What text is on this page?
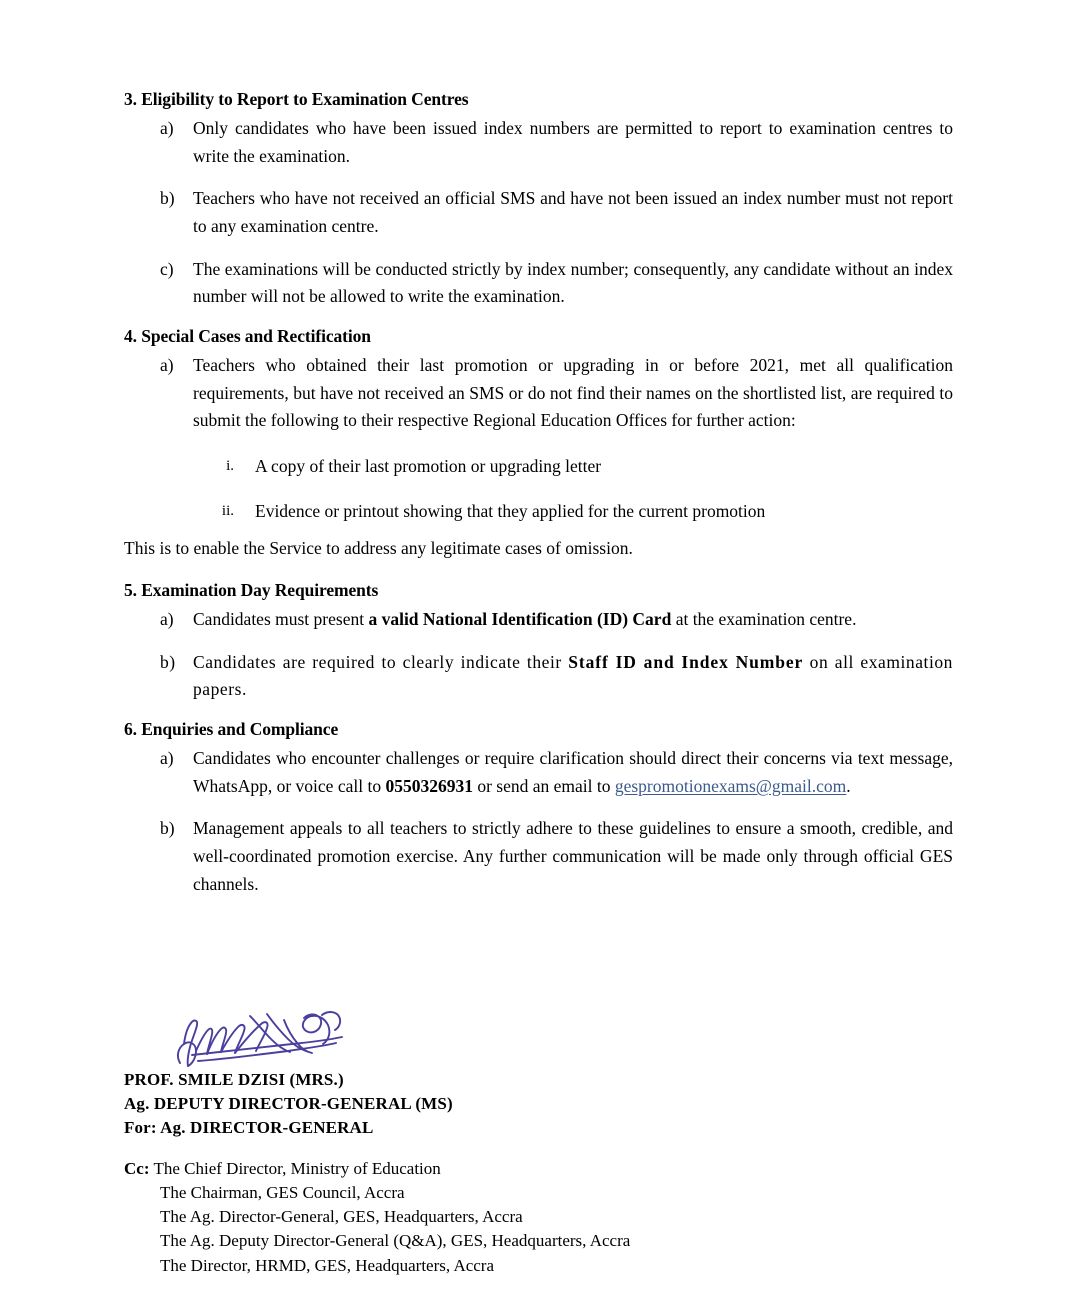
3. Eligibility to Report to Examination Centres
a) Only candidates who have been issued index numbers are permitted to report to examination centres to write the examination.
b) Teachers who have not received an official SMS and have not been issued an index number must not report to any examination centre.
c) The examinations will be conducted strictly by index number; consequently, any candidate without an index number will not be allowed to write the examination.
4. Special Cases and Rectification
a) Teachers who obtained their last promotion or upgrading in or before 2021, met all qualification requirements, but have not received an SMS or do not find their names on the shortlisted list, are required to submit the following to their respective Regional Education Offices for further action:
i. A copy of their last promotion or upgrading letter
ii. Evidence or printout showing that they applied for the current promotion

This is to enable the Service to address any legitimate cases of omission.

5. Examination Day Requirements
a) Candidates must present a valid National Identification (ID) Card at the examination centre.
b) Candidates are required to clearly indicate their Staff ID and Index Number on all examination papers.
6. Enquiries and Compliance
a) Candidates who encounter challenges or require clarification should direct their concerns via text message, WhatsApp, or voice call to 0550326931 or send an email to gespromotionexams@gmail.com.
b) Management appeals to all teachers to strictly adhere to these guidelines to ensure a smooth, credible, and well-coordinated promotion exercise. Any further communication will be made only through official GES channels.
PROF. SMILE DZISI (MRS.)
Ag. DEPUTY DIRECTOR-GENERAL (MS)
For: Ag. DIRECTOR-GENERAL
Cc: The Chief Director, Ministry of Education
The Chairman, GES Council, Accra
The Ag. Director-General, GES, Headquarters, Accra
The Ag. Deputy Director-General (Q&A), GES, Headquarters, Accra
The Director, HRMD, GES, Headquarters, Accra
